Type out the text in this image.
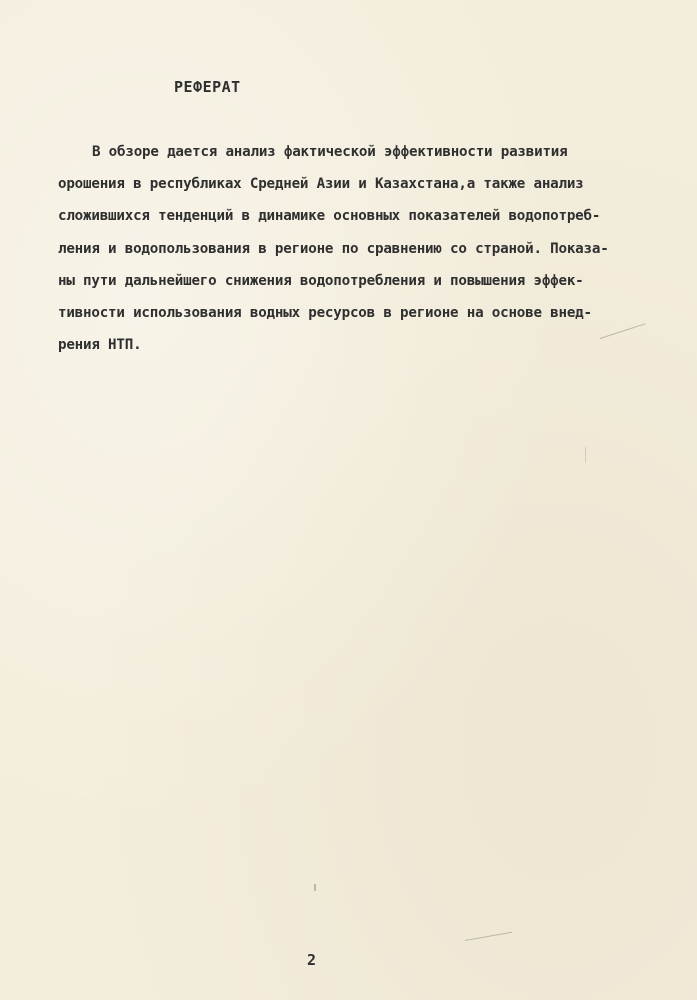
РЕФЕРАТ
В обзоре дается анализ фактической эффективности развития
орошения в республиках Средней Азии и Казахстана,а также анализ
сложившихся тенденций в динамике основных показателей водопотреб-
ления и водопользования в регионе по сравнению со страной. Показа-
ны пути дальнейшего снижения водопотребления и повышения эффек-
тивности использования водных ресурсов в регионе на основе внед-
рения НТП.
2
